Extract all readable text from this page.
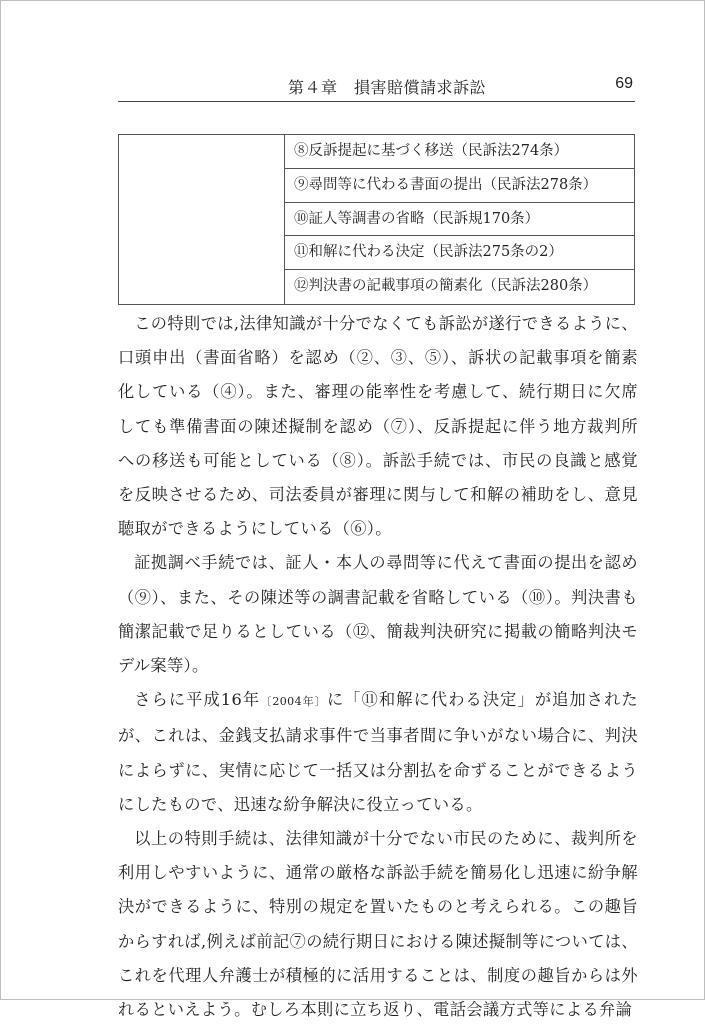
第４章　損害賠償請求訴訟	69
⑧反訴提起に基づく移送（民訴法274条）
⑨尋問等に代わる書面の提出（民訴法278条）
⑩証人等調書の省略（民訴規170条）
⑪和解に代わる決定（民訴法275条の2）
⑫判決書の記載事項の簡素化（民訴法280条）

この特則では,法律知識が十分でなくても訴訟が遂行できるように、口頭申出（書面省略）を認め（②、③、⑤）、訴状の記載事項を簡素化している（④）。また、審理の能率性を考慮して、続行期日に欠席しても準備書面の陳述擬制を認め（⑦）、反訴提起に伴う地方裁判所への移送も可能としている（⑧）。訴訟手続では、市民の良識と感覚を反映させるため、司法委員が審理に関与して和解の補助をし、意見聴取ができるようにしている（⑥）。

証拠調べ手続では、証人・本人の尋問等に代えて書面の提出を認め（⑨）、また、その陳述等の調書記載を省略している（⑩）。判決書も簡潔記載で足りるとしている（⑫、簡裁判決研究に掲載の簡略判決モデル案等）。

さらに平成16年〔2004年〕に「⑪和解に代わる決定」が追加されたが、これは、金銭支払請求事件で当事者間に争いがない場合に、判決によらずに、実情に応じて一括又は分割払を命ずることができるようにしたもので、迅速な紛争解決に役立っている。

以上の特則手続は、法律知識が十分でない市民のために、裁判所を利用しやすいように、通常の厳格な訴訟手続を簡易化し迅速に紛争解決ができるように、特別の規定を置いたものと考えられる。この趣旨からすれば,例えば前記⑦の続行期日における陳述擬制等については、これを代理人弁護士が積極的に活用することは、制度の趣旨からは外れるといえよう。むしろ本則に立ち返り、電話会議方式等による弁論
